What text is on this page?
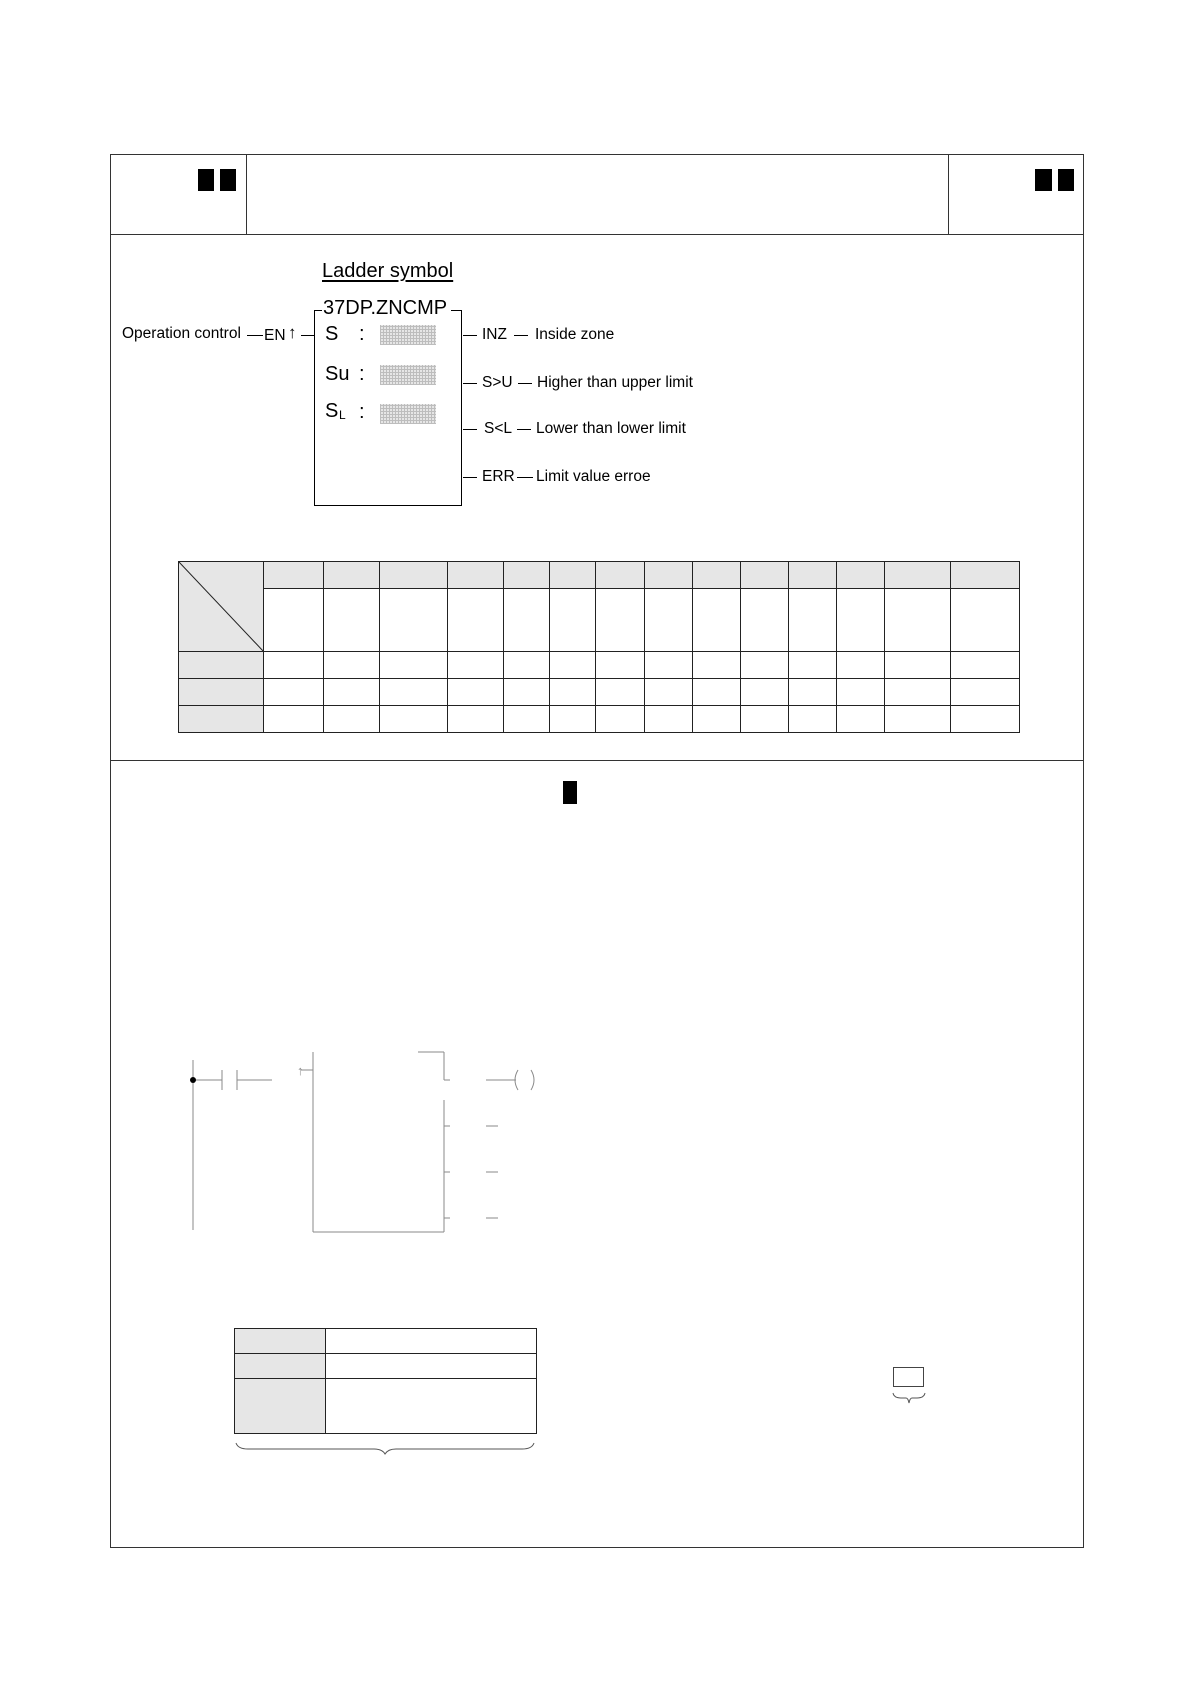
Ladder symbol
37DP.ZNCMP
Operation control EN ↑ S :
Su :
S L :
INZ Inside zone
S>U Higher than upper limit
S<L Lower than lower limit
ERR Limit value erroe

↑
